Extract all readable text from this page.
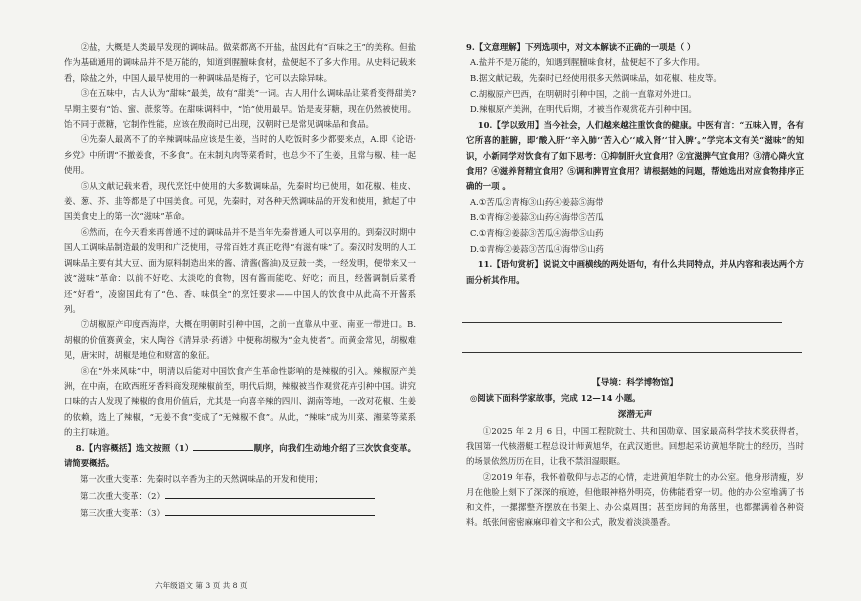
②盐，大概是人类最早发现的调味品。做菜都离不开盐，盐因此有“百味之王”的美称。但盐作为基础通用的调味品并不是万能的，知道到腥膻味食材，盐便起不了多大作用。从史料记载来看，除盐之外，中国人最早使用的一种调味品是梅子，它可以去除异味。

③在五味中，古人认为“甜味”最美，故有“甜美”一词。古人用什么调味品让菜肴变得甜美?早期主要有“饴、蜜、蔗浆等。在甜味调料中，“饴”使用最早。饴是麦芽糖，现在仍然被使用。饴不同于蔗糖，它制作性能，应该在殷商时已出现，汉朝时已是常见调味品和食品。

④先秦人最离不了的辛辣调味品应该是生姜，当时的人吃饭时多少都要来点，A.即《论语·乡党》中所谓“不撤姜食，不多食”。在末制丸肉等菜肴时，也总少不了生姜，且常与椒、桂一起使用。

⑤从文献记载来看，现代烹饪中使用的大多数调味品，先秦时均已使用，如花椒、桂皮、姜、葱、芥、韭等都是了中国美食。可见，先秦时，对各种天然调味品的开发和使用，掀起了中国美食史上的第一次“滋味”革命。

⑥然而，在今天看来再普通不过的调味品并不是当年先秦普通人可以享用的。到秦汉时期中国人工调味品制造最的发明和广泛使用，寻常百姓才真正吃得“有滋有味”了。秦汉时发明的人工调味品主要有其大豆、面为原料制造出来的酱、清酱(酱油)及豆鼓一类，一经发明，便带来又一波“滋味”革命：以前不好吃、太淡吃的食物，因有酱而能吃、好吃；而且，经酱调制后菜肴还“好看”，凌窗国此有了“色、香、味俱全”的烹饪要求——中国人的饮食中从此高不开酱系列。

⑦胡椒原产印度西海岸，大概在明朝时引种中国，之前一直靠从中亚、南亚一带进口。B.胡椒的价值赛黄金，宋人陶谷《清异录·药谱》中便称胡椒为“金丸使者”。而黄金常见，胡椒难见，唐宋时，胡椒是地位和财富的象征。

⑧在“外来风味”中，明清以后能对中国饮食产生革命性影响的是辣椒的引入。辣椒原产美洲，在中南，在欧西班牙香料商发现辣椒前至，明代后期，辣椒被当作观赏花卉引种中国。讲究口味的古人发现了辣椒的食用价值后，尤其是一向喜辛辣的四川、湖南等地，一改对花椒、生姜的依赖，选上了辣椒，“无姜不食”变成了“无辣椒不食”。从此，“辣味”成为川菜、湘菜等菜系的主打味道。

8.【内容概括】选文按照（1）	顺序，向我们生动地介绍了三次饮食变革。请简要概括。

第一次重大变革：先秦时以辛香为主的天然调味品的开发和使用；

第二次重大变革：（2）

第三次重大变革：（3）

六年级语文 第 3 页 共 8 页

9.【文意理解】下列选项中，对文本解读不正确的一项是（ ）

A.盐并不是万能的，知遇到腥膻味食材，盐便起不了多大作用。

B.据文献记载，先秦时已经使用很多天然调味品，如花椒、桂皮等。

C.胡椒原产巴西，在明朝时引种中国，之前一直靠对外进口。

D.辣椒原产美洲，在明代后期，才被当作观赏花卉引种中国。

10.【学以致用】当今社会，人们越来越注重饮食的健康。中医有言：“五味入胃，各有它所喜的脏腑，即‘酸入肝’‘辛入肺’‘苦入心’‘咸入肾’‘甘入脾’。”学完本文有关“滋味”的知识，小新同学对饮食有了如下思考：①抑制肝火宜食用？②宜滋脾气宜食用？③清心降火宜食用？④滋养肾精宜食用？⑤调和脾胃宜食用？请根据她的问题，帮她选出对应食物排序正确的一项 。

A.①苦瓜②青梅③山药④姜蒜⑤海带

B.①青梅②姜蒜③山药④海带⑤苦瓜

C.①青梅②姜蒜③苦瓜④海带⑤山药

D.①青梅②姜蒜③苦瓜④海带⑤山药

11.【语句赏析】说说文中画横线的两处语句，有什么共同特点，并从内容和表达两个方面分析其作用。

【导境：科学博物馆】
◎阅读下面科学家故事，完成 12—14 小题。
深潜无声

①2025 年 2 月 6 日，中国工程院院士、共和国勋章、国家最高科学技术奖获得者，我国第一代核潜艇工程总设计师黄旭华，在武汉逝世。回想起采访黄旭华院士的经历，当时的场景依然历历在目，让我不禁泪湿眼眶。

②2019 年春，我怀着敬仰与忐忑的心情，走进黄旭华院士的办公室。他身形清瘦，岁月在他脸上刻下了深深的痕迹，但他眼神格外明亮，仿佛能看穿一切。他的办公室堆满了书和文件，一摞摞整齐摆放在书架上、办公桌周围；甚至房间的角落里，也都摞满着各种资料。纸张间密密麻麻印着文字和公式，散发着淡淡墨香。
